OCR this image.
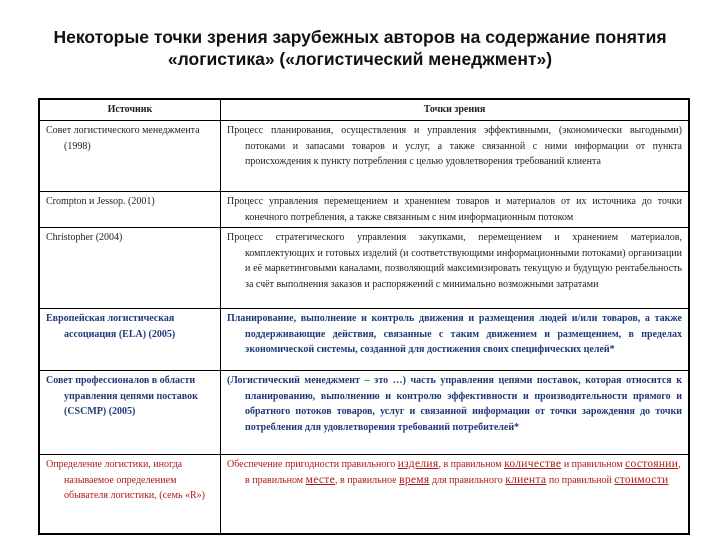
Некоторые точки зрения зарубежных авторов на содержание понятия «логистика» («логистический менеджмент»)
Источник	Точки зрения
Совет логистического менеджмента (1998)	Процесс планирования, осуществления и управления эффективными, (экономически выгодными) потоками и запасами товаров и услуг, а также связанной с ними информации от пункта происхождения к пункту потребления с целью удовлетворения требований клиента
Crompton и Jessop. (2001)	Процесс управления перемещением и хранением товаров и материалов от их источника до точки конечного потребления, а также связанным с ним информационным потоком
Christopher (2004)	Процесс стратегического управления закупками, перемещением и хранением материалов, комплектующих и готовых изделий (и соответствующими информационными потоками) организации и её маркетинговыми каналами, позволяющий максимизировать текущую и будущую рентабельность за счёт выполнения заказов и распоряжений с минимально возможными затратами
Европейская логистическая ассоциация (ELA) (2005)	Планирование, выполнение и контроль движения и размещения людей и/или товаров, а также поддерживающие действия, связанные с таким движением и размещением, в пределах экономической системы, созданной для достижения своих специфических целей*
Совет профессионалов в области управления цепями поставок (CSCMP) (2005)	(Логистический менеджмент – это …) часть управления цепями поставок, которая относится к планированию, выполнению и контролю эффективности и производительности прямого и обратного потоков товаров, услуг и связанной информации от точки зарождения до точки потребления для удовлетворения требований потребителей*
Определение логистики, иногда называемое определением обывателя логистики, (семь «R»)	Обеспечение пригодности правильного изделия, в правильном количестве и правильном состоянии, в правильном месте, в правильное время для правильного клиента по правильной стоимости
